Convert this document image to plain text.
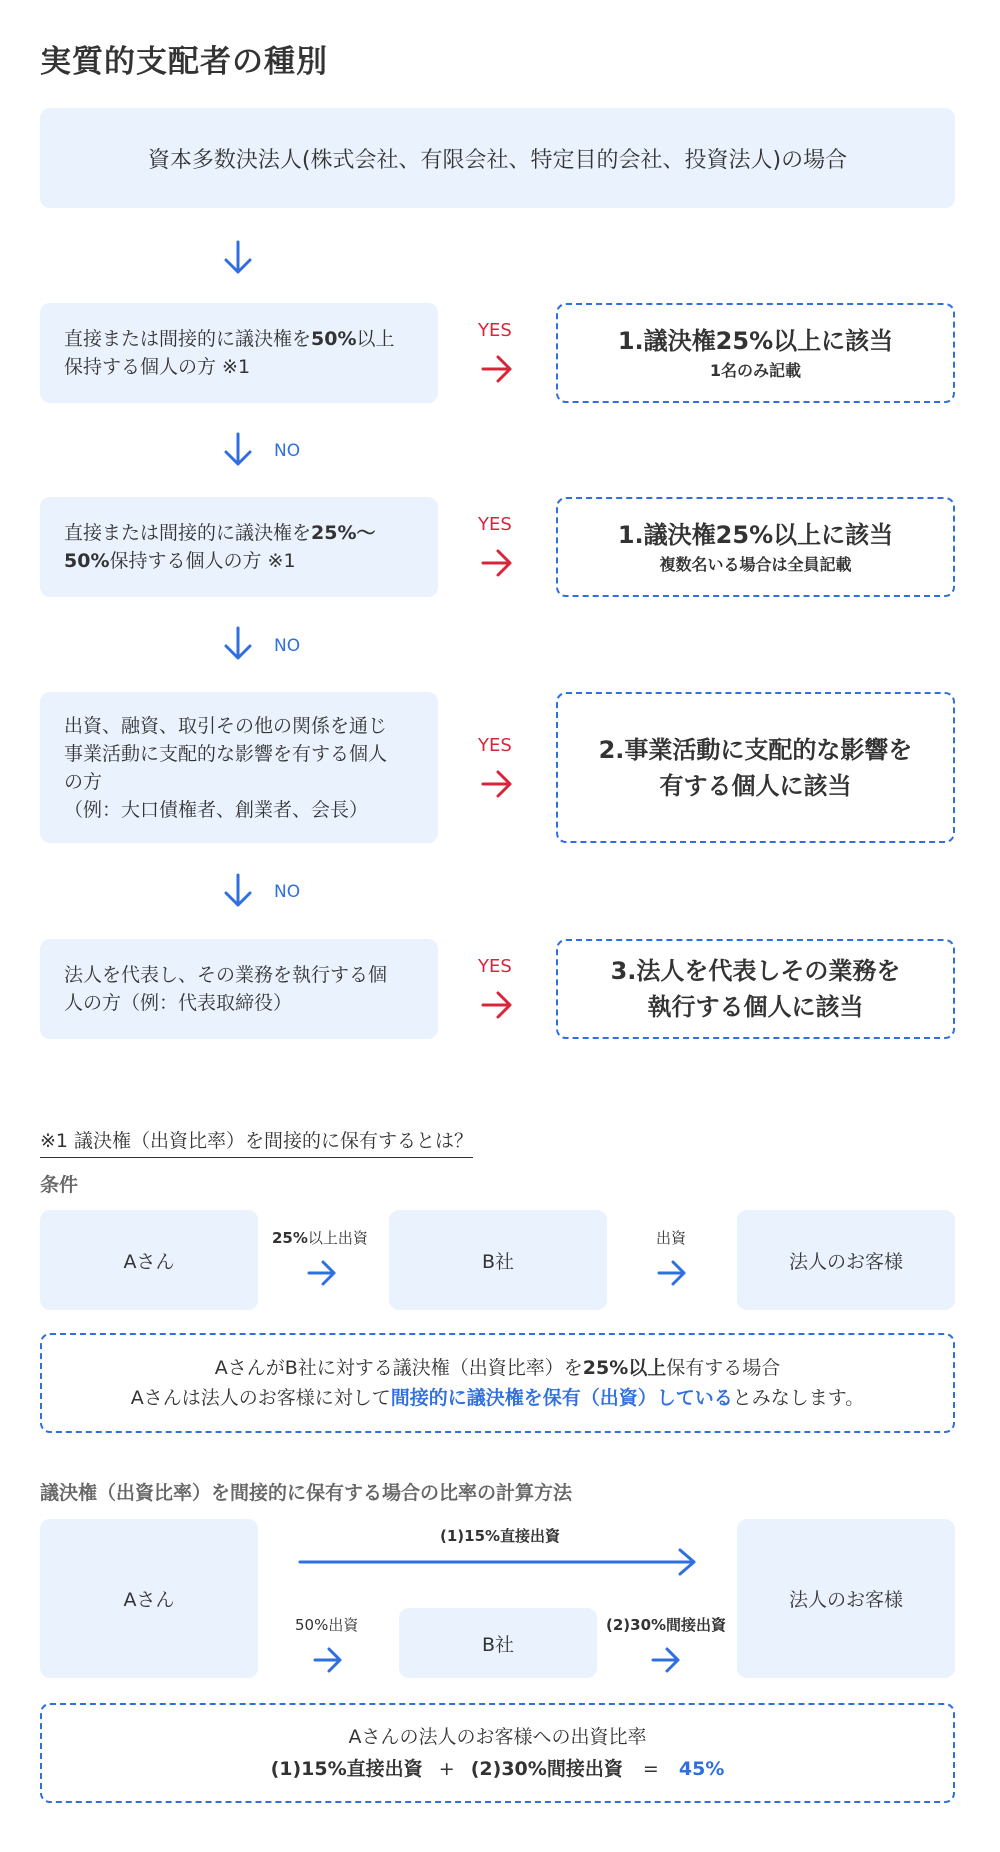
実質的支配者の種別
資本多数決法人(株式会社、有限会社、特定目的会社、投資法人)の場合
直接または間接的に議決権を50%以上
保持する個人の方 ※1
YES	1.議決権25%以上に該当
1名のみ記載
NO
直接または間接的に議決権を25%〜
50%保持する個人の方 ※1
YES	1.議決権25%以上に該当
複数名いる場合は全員記載
NO
出資、融資、取引その他の関係を通じ
事業活動に支配的な影響を有する個人
の方
（例：大口債権者、創業者、会長）
YES	2.事業活動に支配的な影響を
有する個人に該当
NO
法人を代表し、その業務を執行する個
人の方（例：代表取締役）
YES	3.法人を代表しその業務を
執行する個人に該当
※1 議決権（出資比率）を間接的に保有するとは？
条件
Aさん
25%以上出資
B社
出資
法人のお客様
AさんがB社に対する議決権（出資比率）を25%以上保有する場合
Aさんは法人のお客様に対して間接的に議決権を保有（出資）しているとみなします。
議決権（出資比率）を間接的に保有する場合の比率の計算方法
Aさん
(1)15%直接出資
50%出資
B社
(2)30%間接出資
法人のお客様
Aさんの法人のお客様への出資比率
(1)15%直接出資 + (2)30%間接出資 = 45%
